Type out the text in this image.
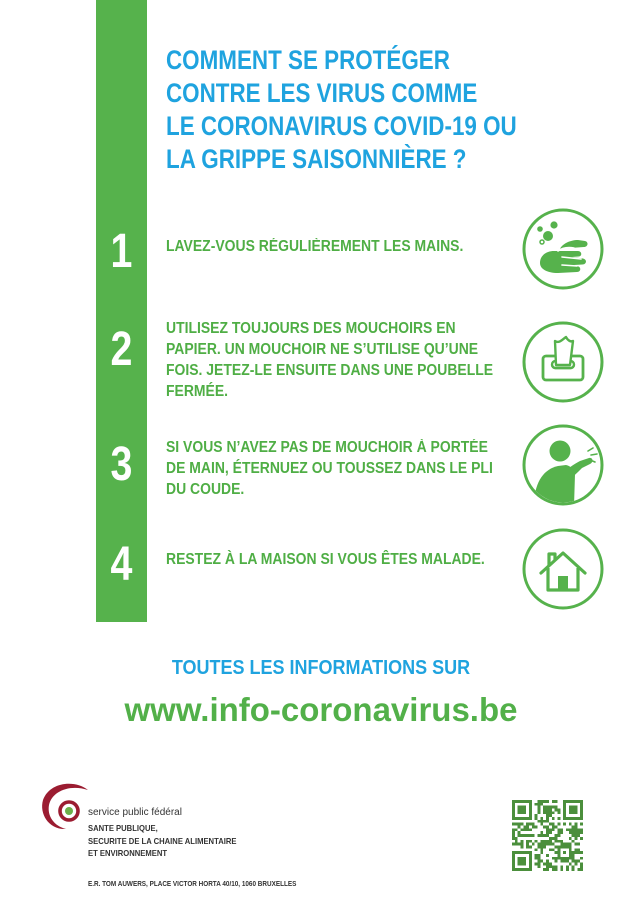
COMMENT SE PROTÉGER
CONTRE LES VIRUS COMME
LE CORONAVIRUS COVID-19 OU
LA GRIPPE SAISONNIÈRE ?
1	LAVEZ-VOUS RÉGULIÈREMENT LES MAINS.
2	UTILISEZ TOUJOURS DES MOUCHOIRS EN
PAPIER. UN MOUCHOIR NE S’UTILISE QU’UNE
FOIS. JETEZ-LE ENSUITE DANS UNE POUBELLE
FERMÉE.
3	SI VOUS N’AVEZ PAS DE MOUCHOIR À PORTÉE
DE MAIN, ÉTERNUEZ OU TOUSSEZ DANS LE PLI
DU COUDE.
4	RESTEZ À LA MAISON SI VOUS ÊTES MALADE.
TOUTES LES INFORMATIONS SUR
www.info-coronavirus.be
service public fédéral
SANTE PUBLIQUE,
SECURITE DE LA CHAINE ALIMENTAIRE
ET ENVIRONNEMENT
E.R. TOM AUWERS, PLACE VICTOR HORTA 40/10, 1060 BRUXELLES
